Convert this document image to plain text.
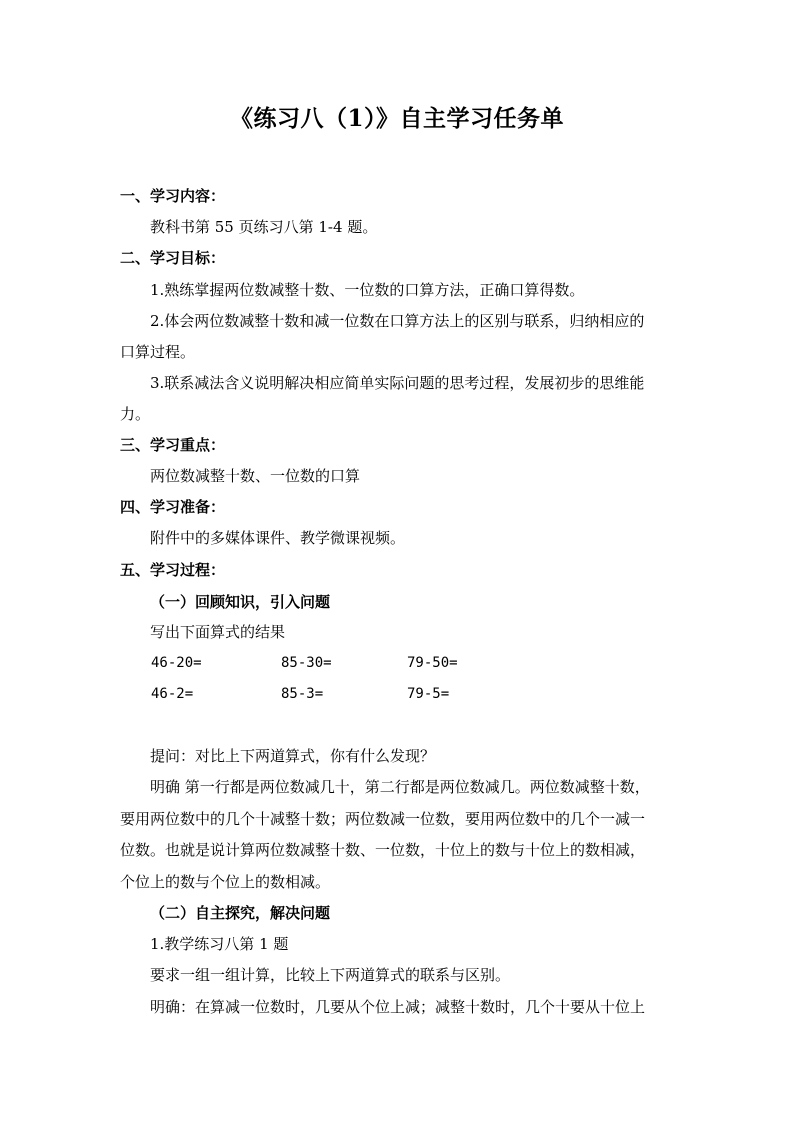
《练习八（1）》自主学习任务单
一、学习内容：
教科书第 55 页练习八第 1-4 题。
二、学习目标：
1.熟练掌握两位数减整十数、一位数的口算方法，正确口算得数。
2.体会两位数减整十数和减一位数在口算方法上的区别与联系，归纳相应的
口算过程。
3.联系减法含义说明解决相应简单实际问题的思考过程，发展初步的思维能
力。
三、学习重点：
两位数减整十数、一位数的口算
四、学习准备：
附件中的多媒体课件、教学微课视频。
五、学习过程：
（一）回顾知识，引入问题
写出下面算式的结果
46-20=	85-30=	79-50=
46-2=	85-3=	79-5=
提问：对比上下两道算式，你有什么发现？
明确 第一行都是两位数减几十，第二行都是两位数减几。两位数减整十数，
要用两位数中的几个十减整十数；两位数减一位数，要用两位数中的几个一减一
位数。也就是说计算两位数减整十数、一位数，十位上的数与十位上的数相减，
个位上的数与个位上的数相减。
（二）自主探究，解决问题
1.教学练习八第 1 题
要求一组一组计算，比较上下两道算式的联系与区别。
明确：在算减一位数时，几要从个位上减；减整十数时，几个十要从十位上
